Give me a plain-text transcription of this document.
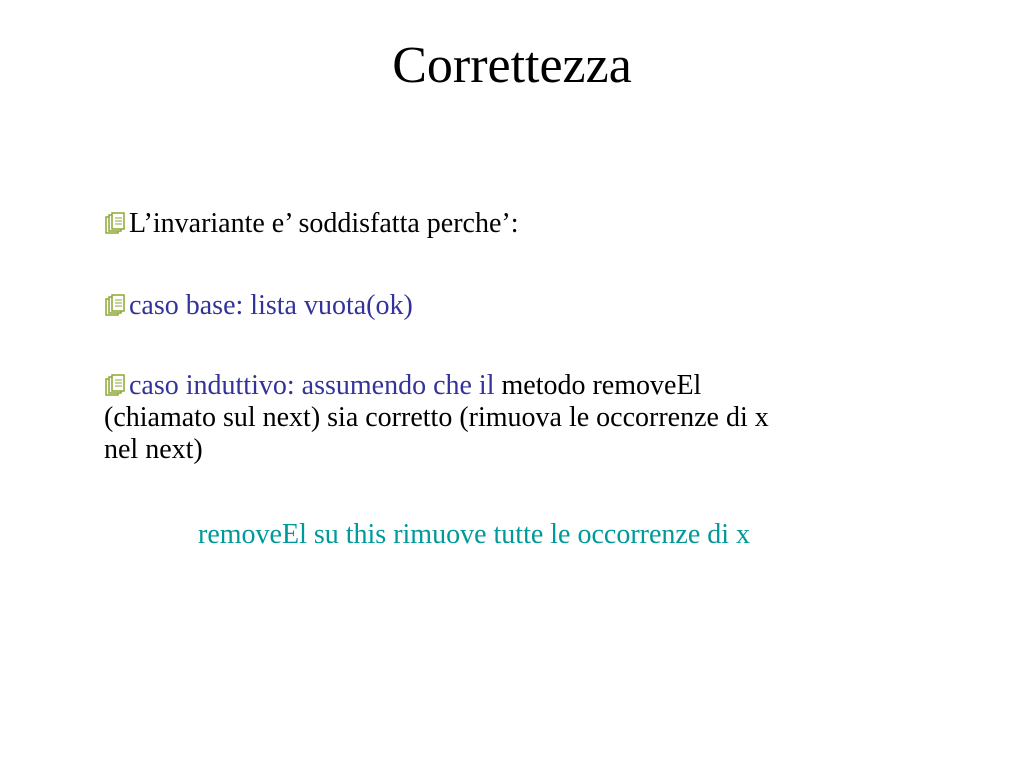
Correttezza
L’invariante e’ soddisfatta perche’:
caso base: lista vuota(ok)
caso induttivo: assumendo che il metodo removeEl
(chiamato sul next) sia corretto (rimuova le occorrenze di x
nel next)
removeEl su this rimuove tutte le occorrenze di x
